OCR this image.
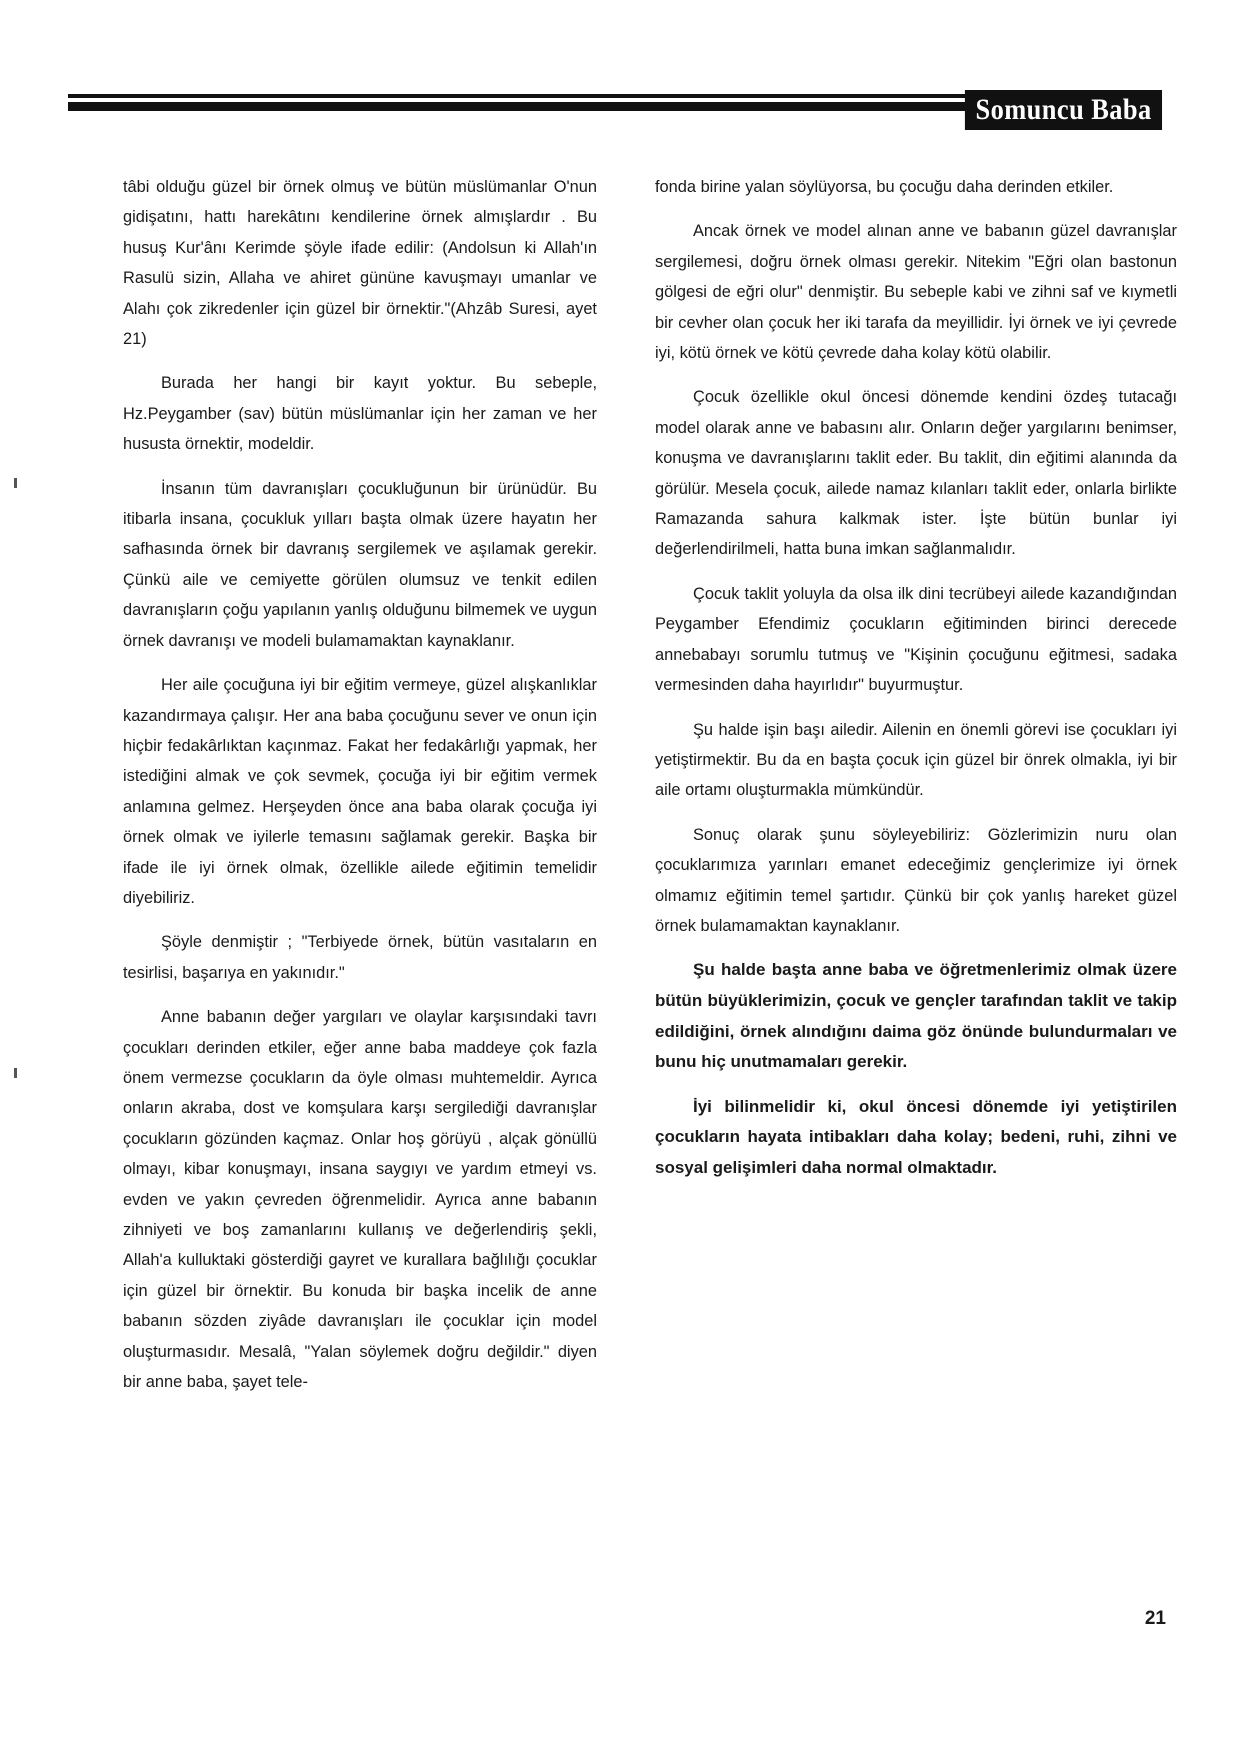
Somuncu Baba

tâbi olduğu güzel bir örnek olmuş ve bütün müslümanlar O'nun gidişatını, hattı harekâtını kendilerine örnek almışlardır . Bu husuş Kur'ânı Kerimde şöyle ifade edilir: (Andolsun ki Allah'ın Rasulü sizin, Allaha ve ahiret gününe kavuşmayı umanlar ve Alahı çok zikredenler için güzel bir örnektir."(Ahzâb Suresi, ayet 21)

Burada her hangi bir kayıt yoktur. Bu sebeple, Hz.Peygamber (sav) bütün müslümanlar için her zaman ve her hususta örnektir, modeldir.

İnsanın tüm davranışları çocukluğunun bir ürünüdür. Bu itibarla insana, çocukluk yılları başta olmak üzere hayatın her safhasında örnek bir davranış sergilemek ve aşılamak gerekir. Çünkü aile ve cemiyette görülen olumsuz ve tenkit edilen davranışların çoğu yapılanın yanlış olduğunu bilmemek ve uygun örnek davranışı ve modeli bulamamaktan kaynaklanır.

Her aile çocuğuna iyi bir eğitim vermeye, güzel alışkanlıklar kazandırmaya çalışır. Her ana baba çocuğunu sever ve onun için hiçbir fedakârlıktan kaçınmaz. Fakat her fedakârlığı yapmak, her istediğini almak ve çok sevmek, çocuğa iyi bir eğitim vermek anlamına gelmez. Herşeyden önce ana baba olarak çocuğa iyi örnek olmak ve iyilerle temasını sağlamak gerekir. Başka bir ifade ile iyi örnek olmak, özellikle ailede eğitimin temelidir diyebiliriz.

Şöyle denmiştir ; "Terbiyede örnek, bütün vasıtaların en tesirlisi, başarıya en yakınıdır."

Anne babanın değer yargıları ve olaylar karşısındaki tavrı çocukları derinden etkiler, eğer anne baba maddeye çok fazla önem vermezse çocukların da öyle olması muhtemeldir. Ayrıca onların akraba, dost ve komşulara karşı sergilediği davranışlar çocukların gözünden kaçmaz. Onlar hoş görüyü , alçak gönüllü olmayı, kibar konuşmayı, insana saygıyı ve yardım etmeyi vs. evden ve yakın çevreden öğrenmelidir. Ayrıca anne babanın zihniyeti ve boş zamanlarını kullanış ve değerlendiriş şekli, Allah'a kulluktaki gösterdiği gayret ve kurallara bağlılığı çocuklar için güzel bir örnektir. Bu konuda bir başka incelik de anne babanın sözden ziyâde davranışları ile çocuklar için model oluşturmasıdır. Mesalâ, "Yalan söylemek doğru değildir." diyen bir anne baba, şayet tele-

fonda birine yalan söylüyorsa, bu çocuğu daha derinden etkiler.

Ancak örnek ve model alınan anne ve babanın güzel davranışlar sergilemesi, doğru örnek olması gerekir. Nitekim "Eğri olan bastonun gölgesi de eğri olur" denmiştir. Bu sebeple kabi ve zihni saf ve kıymetli bir cevher olan çocuk her iki tarafa da meyillidir. İyi örnek ve iyi çevrede iyi, kötü örnek ve kötü çevrede daha kolay kötü olabilir.

Çocuk özellikle okul öncesi dönemde kendini özdeş tutacağı model olarak anne ve babasını alır. Onların değer yargılarını benimser, konuşma ve davranışlarını taklit eder. Bu taklit, din eğitimi alanında da görülür. Mesela çocuk, ailede namaz kılanları taklit eder, onlarla birlikte Ramazanda sahura kalkmak ister. İşte bütün bunlar iyi değerlendirilmeli, hatta buna imkan sağlanmalıdır.

Çocuk taklit yoluyla da olsa ilk dini tecrübeyi ailede kazandığından Peygamber Efendimiz çocukların eğitiminden birinci derecede annebabayı sorumlu tutmuş ve "Kişinin çocuğunu eğitmesi, sadaka vermesinden daha hayırlıdır" buyurmuştur.

Şu halde işin başı ailedir. Ailenin en önemli görevi ise çocukları iyi yetiştirmektir. Bu da en başta çocuk için güzel bir önrek olmakla, iyi bir aile ortamı oluşturmakla mümkündür.

Sonuç olarak şunu söyleyebiliriz: Gözlerimizin nuru olan çocuklarımıza yarınları emanet edeceğimiz gençlerimize iyi örnek olmamız eğitimin temel şartıdır. Çünkü bir çok yanlış hareket güzel örnek bulamamaktan kaynaklanır.

Şu halde başta anne baba ve öğretmenlerimiz olmak üzere bütün büyüklerimizin, çocuk ve gençler tarafından taklit ve takip edildiğini, örnek alındığını daima göz önünde bulundurmaları ve bunu hiç unutmamaları gerekir.

İyi bilinmelidir ki, okul öncesi dönemde iyi yetiştirilen çocukların hayata intibakları daha kolay; bedeni, ruhi, zihni ve sosyal gelişimleri daha normal olmaktadır.

21
